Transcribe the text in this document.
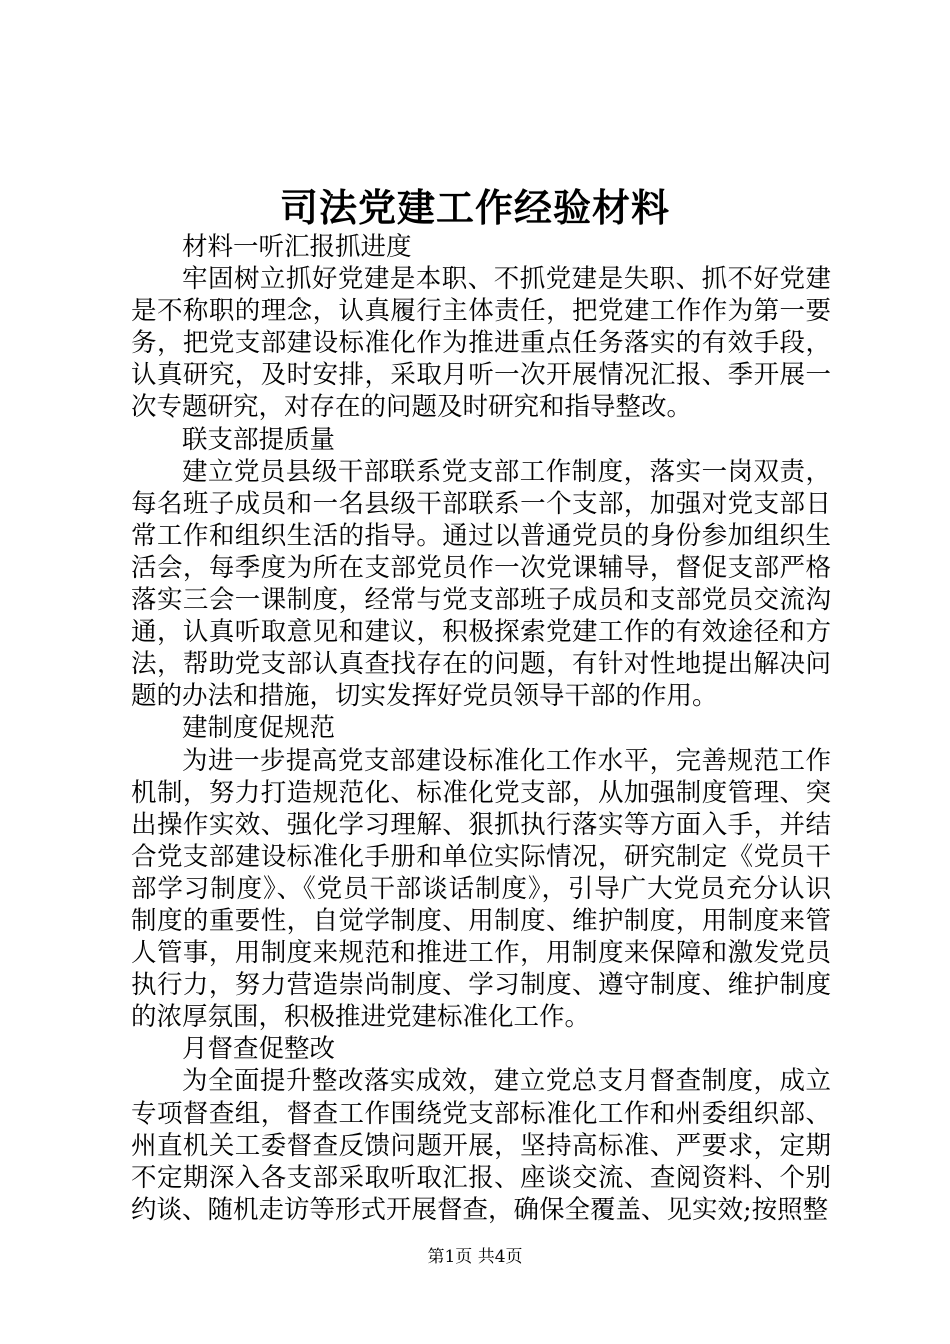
司法党建工作经验材料

材料一听汇报抓进度

牢固树立抓好党建是本职、不抓党建是失职、抓不好党建是不称职的理念，认真履行主体责任，把党建工作作为第一要务，把党支部建设标准化作为推进重点任务落实的有效手段，认真研究，及时安排，采取月听一次开展情况汇报、季开展一次专题研究，对存在的问题及时研究和指导整改。

联支部提质量

建立党员县级干部联系党支部工作制度，落实一岗双责，每名班子成员和一名县级干部联系一个支部，加强对党支部日常工作和组织生活的指导。通过以普通党员的身份参加组织生活会，每季度为所在支部党员作一次党课辅导，督促支部严格落实三会一课制度，经常与党支部班子成员和支部党员交流沟通，认真听取意见和建议，积极探索党建工作的有效途径和方法，帮助党支部认真查找存在的问题，有针对性地提出解决问题的办法和措施，切实发挥好党员领导干部的作用。

建制度促规范

为进一步提高党支部建设标准化工作水平，完善规范工作机制，努力打造规范化、标准化党支部，从加强制度管理、突出操作实效、强化学习理解、狠抓执行落实等方面入手，并结合党支部建设标准化手册和单位实际情况，研究制定《党员干部学习制度》、《党员干部谈话制度》，引导广大党员充分认识制度的重要性，自觉学制度、用制度、维护制度，用制度来管人管事，用制度来规范和推进工作，用制度来保障和激发党员执行力，努力营造崇尚制度、学习制度、遵守制度、维护制度的浓厚氛围，积极推进党建标准化工作。

月督查促整改

为全面提升整改落实成效，建立党总支月督查制度，成立专项督查组，督查工作围绕党支部标准化工作和州委组织部、州直机关工委督查反馈问题开展，坚持高标准、严要求，定期不定期深入各支部采取听取汇报、座谈交流、查阅资料、个别约谈、随机走访等形式开展督查，确保全覆盖、见实效;按照整

第1页 共4页
